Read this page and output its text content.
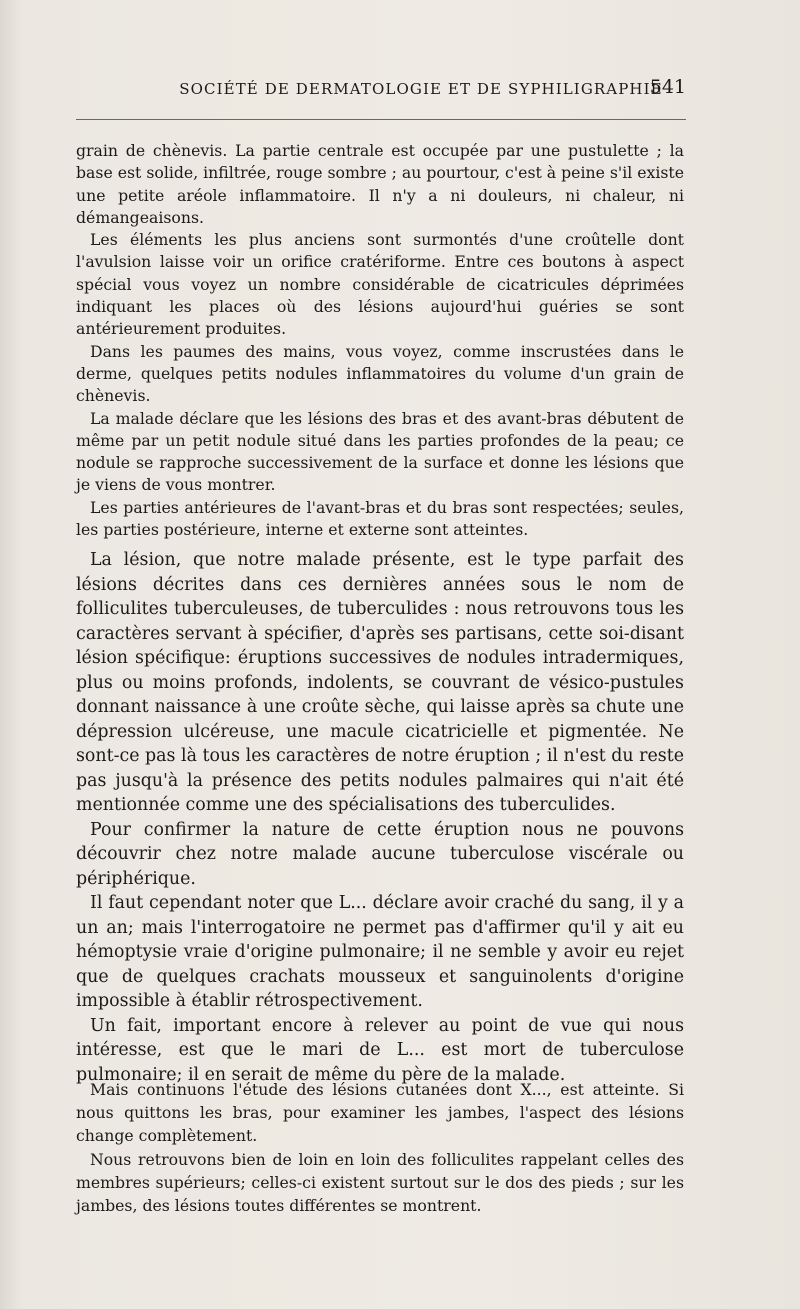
SOCIÉTÉ DE DERMATOLOGIE ET DE SYPHILIGRAPHIE
541

grain de chènevis. La partie centrale est occupée par une pustulette ; la base est solide, infiltrée, rouge sombre ; au pourtour, c'est à peine s'il existe une petite aréole inflammatoire. Il n'y a ni douleurs, ni chaleur, ni démangeaisons.

Les éléments les plus anciens sont surmontés d'une croûtelle dont l'avulsion laisse voir un orifice cratériforme. Entre ces boutons à aspect spécial vous voyez un nombre considérable de cicatricules déprimées indiquant les places où des lésions aujourd'hui guéries se sont antérieurement produites.

Dans les paumes des mains, vous voyez, comme inscrustées dans le derme, quelques petits nodules inflammatoires du volume d'un grain de chènevis.

La malade déclare que les lésions des bras et des avant-bras débutent de même par un petit nodule situé dans les parties profondes de la peau; ce nodule se rapproche successivement de la surface et donne les lésions que je viens de vous montrer.

Les parties antérieures de l'avant-bras et du bras sont respectées; seules, les parties postérieure, interne et externe sont atteintes.

La lésion, que notre malade présente, est le type parfait des lésions décrites dans ces dernières années sous le nom de folliculites tuberculeuses, de tuberculides : nous retrouvons tous les caractères servant à spécifier, d'après ses partisans, cette soi-disant lésion spécifique: éruptions successives de nodules intradermiques, plus ou moins profonds, indolents, se couvrant de vésico-pustules donnant naissance à une croûte sèche, qui laisse après sa chute une dépression ulcéreuse, une macule cicatricielle et pigmentée. Ne sont-ce pas là tous les caractères de notre éruption ; il n'est du reste pas jusqu'à la présence des petits nodules palmaires qui n'ait été mentionnée comme une des spécialisations des tuberculides.

Pour confirmer la nature de cette éruption nous ne pouvons découvrir chez notre malade aucune tuberculose viscérale ou périphérique.

Il faut cependant noter que L... déclare avoir craché du sang, il y a un an; mais l'interrogatoire ne permet pas d'affirmer qu'il y ait eu hémoptysie vraie d'origine pulmonaire; il ne semble y avoir eu rejet que de quelques crachats mousseux et sanguinolents d'origine impossible à établir rétrospectivement.

Un fait, important encore à relever au point de vue qui nous intéresse, est que le mari de L... est mort de tuberculose pulmonaire; il en serait de même du père de la malade.

Mais continuons l'étude des lésions cutanées dont X..., est atteinte. Si nous quittons les bras, pour examiner les jambes, l'aspect des lésions change complètement.

Nous retrouvons bien de loin en loin des folliculites rappelant celles des membres supérieurs; celles-ci existent surtout sur le dos des pieds ; sur les jambes, des lésions toutes différentes se montrent.
